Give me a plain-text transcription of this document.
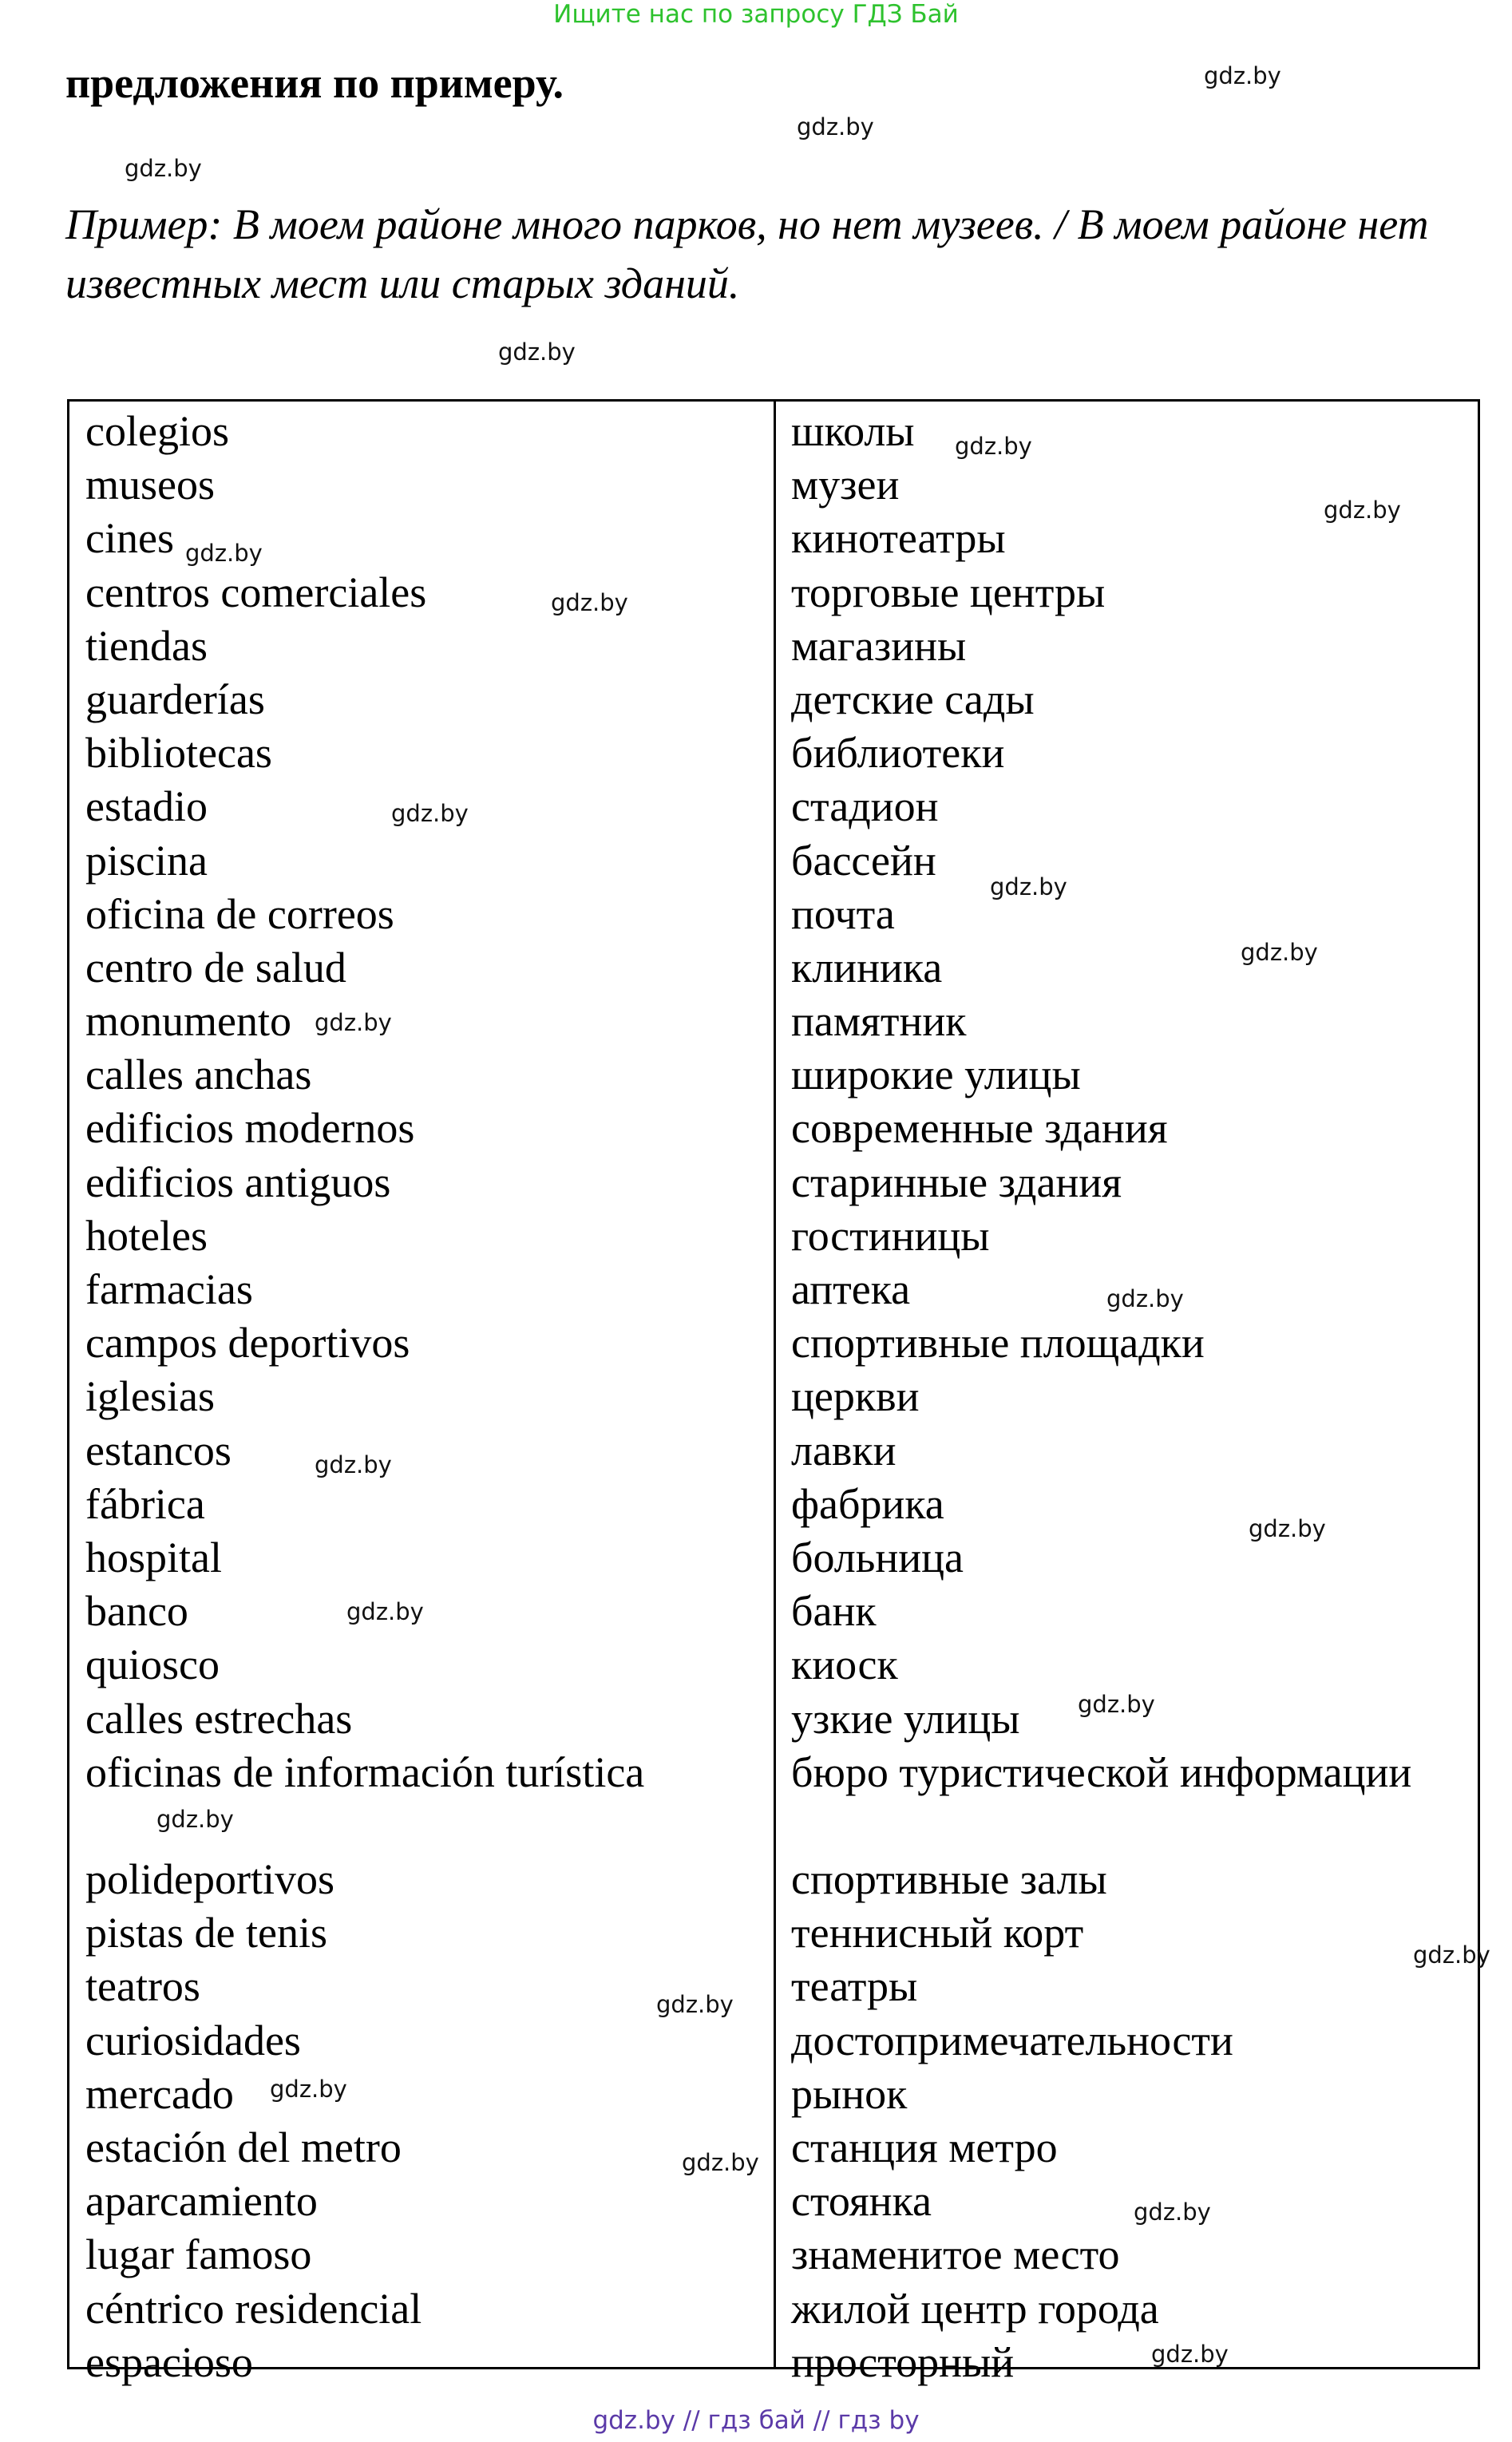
Ищите нас по запросу ГДЗ Бай
предложения по примеру.
Пример: В моем районе много парков, но нет музеев. / В моем районе нет известных мест или старых зданий.
colegios
museos
cines
centros comerciales
tiendas
guarderías
bibliotecas
estadio
piscina
oficina de correos
centro de salud
monumento
calles anchas
edificios modernos
edificios antiguos
hoteles
farmacias
campos deportivos
iglesias
estancos
fábrica
hospital
banco
quiosco
calles estrechas
oficinas de información turística
polideportivos
pistas de tenis
teatros
curiosidades
mercado
estación del metro
aparcamiento
lugar famoso
céntrico residencial
espacioso
школы
музеи
кинотеатры
торговые центры
магазины
детские сады
библиотеки
стадион
бассейн
почта
клиника
памятник
широкие улицы
современные здания
старинные здания
гостиницы
аптека
спортивные площадки
церкви
лавки
фабрика
больница
банк
киоск
узкие улицы
бюро туристической информации
спортивные залы
теннисный корт
театры
достопримечательности
рынок
станция метро
стоянка
знаменитое место
жилой центр города
просторный
gdz.by
gdz.by
gdz.by
gdz.by
gdz.by
gdz.by
gdz.by
gdz.by
gdz.by
gdz.by
gdz.by
gdz.by
gdz.by
gdz.by
gdz.by
gdz.by
gdz.by
gdz.by
gdz.by
gdz.by
gdz.by
gdz.by
gdz.by
gdz.by
gdz.by // гдз бай // гдз by
